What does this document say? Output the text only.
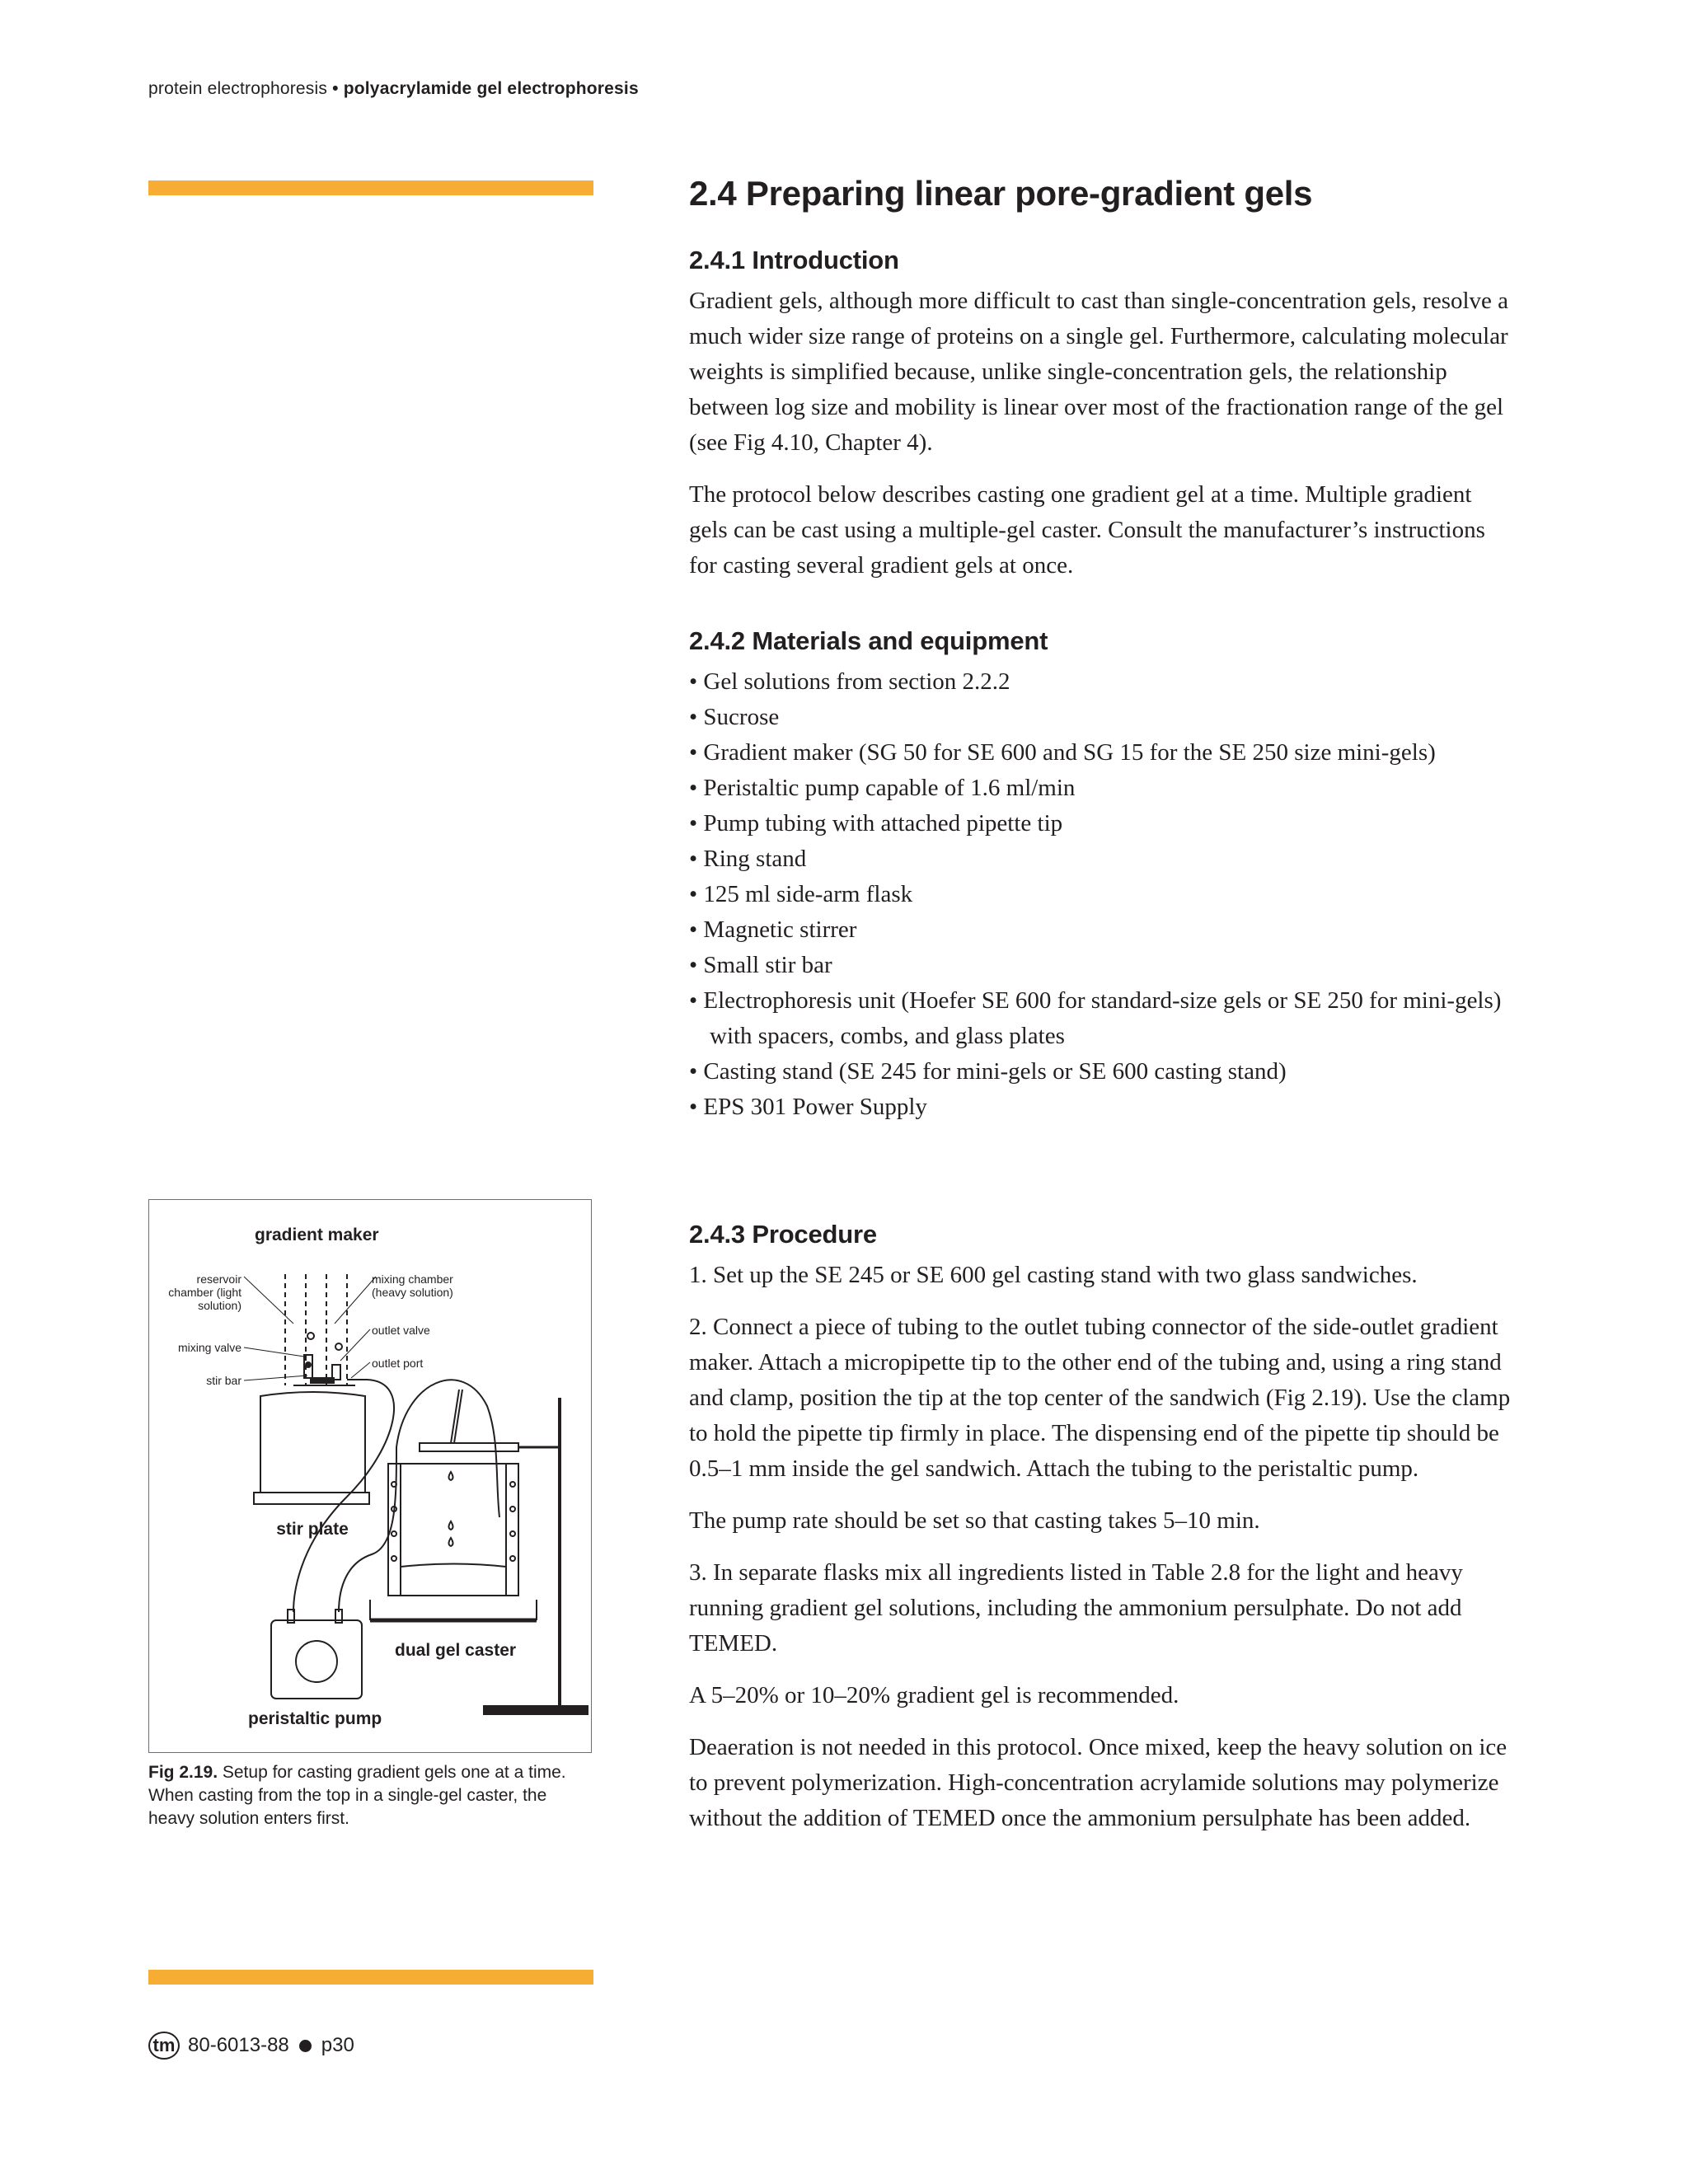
protein electrophoresis • polyacrylamide gel electrophoresis
2.4 Preparing linear pore-gradient gels
2.4.1 Introduction

Gradient gels, although more difficult to cast than single-concentration gels, resolve a much wider size range of proteins on a single gel. Furthermore, calculating molecular weights is simplified because, unlike single-concentration gels, the relationship between log size and mobility is linear over most of the fractionation range of the gel (see Fig 4.10, Chapter 4).

The protocol below describes casting one gradient gel at a time. Multiple gradient gels can be cast using a multiple-gel caster. Consult the manufacturer’s instructions for casting several gradient gels at once.

2.4.2 Materials and equipment
• Gel solutions from section 2.2.2
• Sucrose
• Gradient maker (SG 50 for SE 600 and SG 15 for the SE 250 size mini-gels)
• Peristaltic pump capable of 1.6 ml/min
• Pump tubing with attached pipette tip
• Ring stand
• 125 ml side-arm flask
• Magnetic stirrer
• Small stir bar
• Electrophoresis unit (Hoefer SE 600 for standard-size gels or SE 250 for mini-gels) with spacers, combs, and glass plates
• Casting stand (SE 245 for mini-gels or SE 600 casting stand)
• EPS 301 Power Supply
2.4.3 Procedure

1. Set up the SE 245 or SE 600 gel casting stand with two glass sandwiches.

2. Connect a piece of tubing to the outlet tubing connector of the side-outlet gradient maker. Attach a micropipette tip to the other end of the tubing and, using a ring stand and clamp, position the tip at the top center of the sandwich (Fig 2.19). Use the clamp to hold the pipette tip firmly in place. The dispensing end of the pipette tip should be 0.5–1 mm inside the gel sandwich. Attach the tubing to the peristaltic pump.

The pump rate should be set so that casting takes 5–10 min.

3. In separate flasks mix all ingredients listed in Table 2.8 for the light and heavy running gradient gel solutions, including the ammonium persulphate. Do not add TEMED.

A 5–20% or 10–20% gradient gel is recommended.

Deaeration is not needed in this protocol. Once mixed, keep the heavy solution on ice to prevent polymerization. High-concentration acrylamide solutions may polymerize without the addition of TEMED once the ammonium persulphate has been added.

gradient maker
reservoir chamber (light solution)
mixing chamber (heavy solution)
outlet valve
mixing valve
outlet port
stir bar
stir plate
dual gel caster
peristaltic pump
Fig 2.19. Setup for casting gradient gels one at a time. When casting from the top in a single-gel caster, the heavy solution enters first.
tm 80-6013-88 p30
